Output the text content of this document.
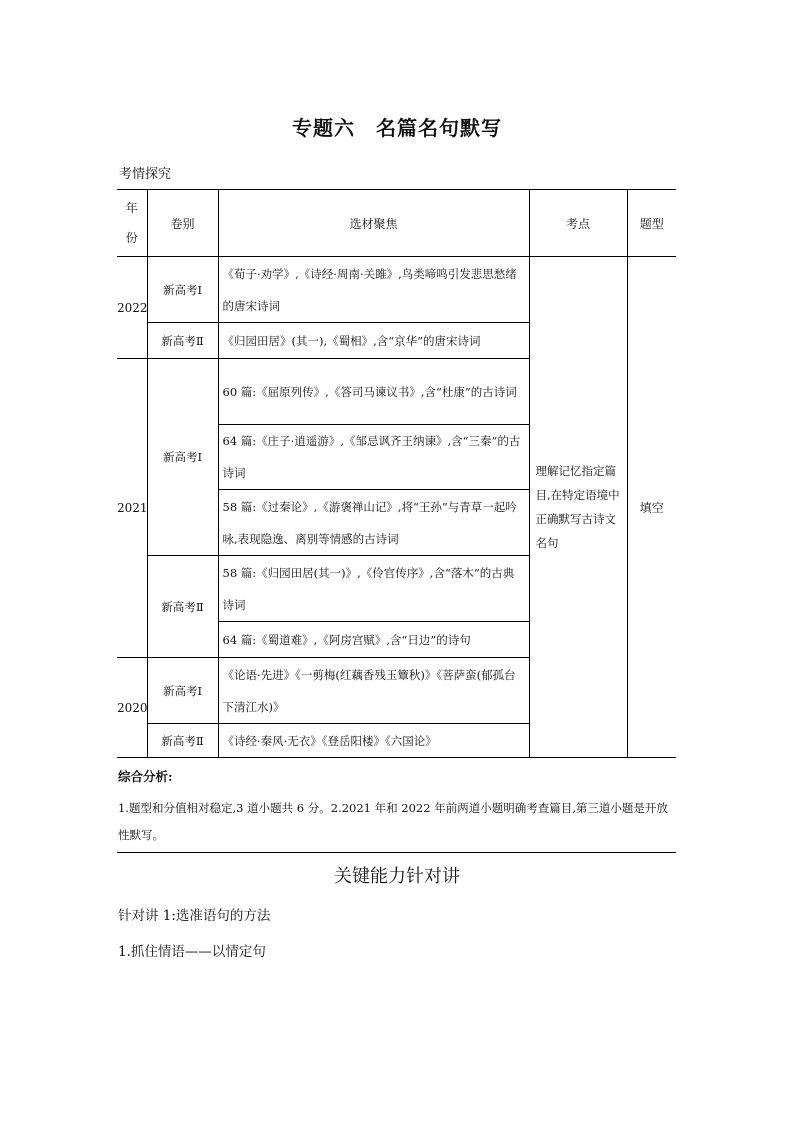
专题六　名篇名句默写
考情探究
年
份	卷别	选材聚焦	考点	题型
2022	新高考Ⅰ	《荀子·劝学》,《诗经·周南·关雎》,鸟类啼鸣引发悲思愁绪的唐宋诗词	理解记忆指定篇目,在特定语境中正确默写古诗文名句	填空
	新高考Ⅱ	《归园田居》(其一),《蜀相》,含“京华”的唐宋诗词		
2021	新高考Ⅰ	60 篇:《屈原列传》,《答司马谏议书》,含“杜康”的古诗词		
		64 篇:《庄子·逍遥游》,《邹忌讽齐王纳谏》,含“三秦”的古诗词		
		58 篇:《过秦论》,《游褒禅山记》,将“王孙”与青草一起吟咏,表现隐逸、离别等情感的古诗词		
	新高考Ⅱ	58 篇:《归园田居(其一)》,《伶官传序》,含“落木”的古典诗词		
		64 篇:《蜀道难》,《阿房宫赋》,含“日边”的诗句		
2020	新高考Ⅰ	《论语·先进》《一剪梅(红藕香残玉簟秋)》《菩萨蛮(郁孤台下清江水)》		
	新高考Ⅱ	《诗经·秦风·无衣》《登岳阳楼》《六国论》		
综合分析:
1.题型和分值相对稳定,3 道小题共 6 分。2.2021 年和 2022 年前两道小题明确考查篇目,第三道小题是开放性默写。
关键能力针对讲
针对讲 1:选准语句的方法
1.抓住情语——以情定句
